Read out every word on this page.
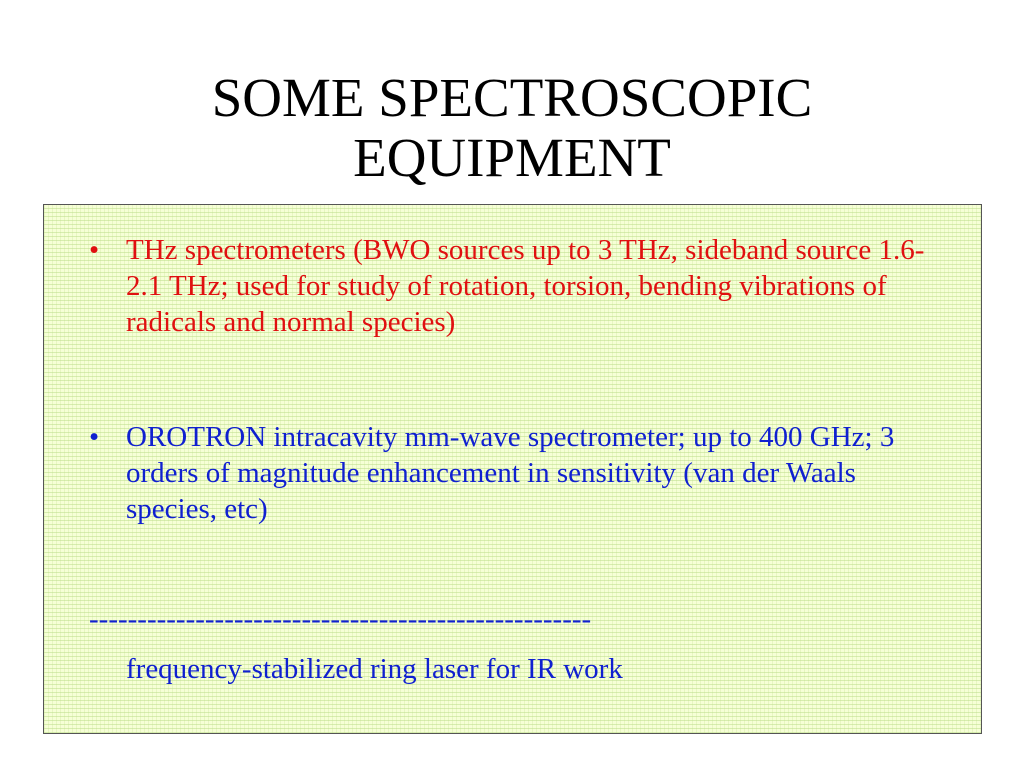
SOME SPECTROSCOPIC
EQUIPMENT
• THz spectrometers (BWO sources up to 3 THz, sideband source 1.6-2.1 THz; used for study of rotation, torsion, bending vibrations of radicals and normal species)
• OROTRON intracavity mm-wave spectrometer; up to 400 GHz; 3 orders of magnitude enhancement in sensitivity (van der Waals species, etc)
----------------------------------------------------
frequency-stabilized ring laser for IR work
